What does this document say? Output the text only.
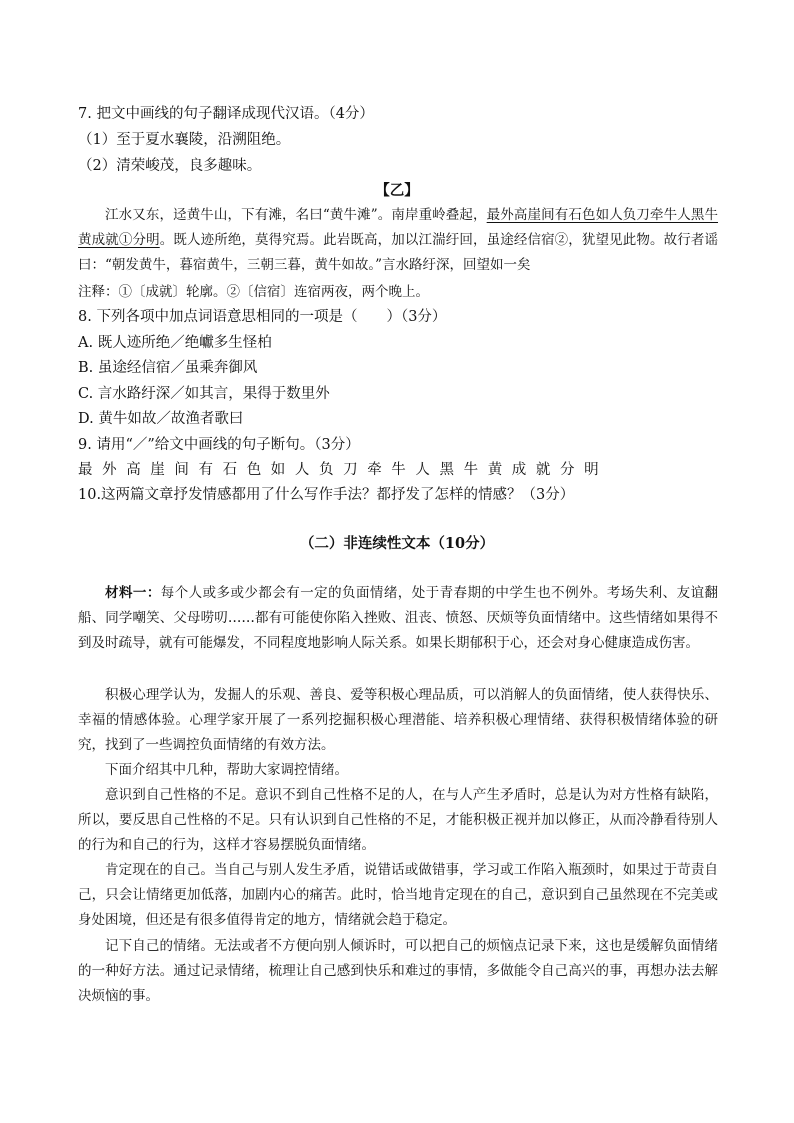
7. 把文中画线的句子翻译成现代汉语。（4分）

（1）至于夏水襄陵，沿溯阻绝。

（2）清荣峻茂，良多趣味。

【乙】

江水又东，迳黄牛山，下有滩，名曰“黄牛滩”。南岸重岭叠起，最外高崖间有石色如人负刀牵牛人黑牛黄成就①分明。既人迹所绝，莫得究焉。此岩既高，加以江湍纡回，虽途经信宿②，犹望见此物。故行者谣曰：“朝发黄牛，暮宿黄牛，三朝三暮，黄牛如故。”言水路纡深，回望如一矣

注释：①〔成就〕轮廓。②〔信宿〕连宿两夜，两个晚上。

8. 下列各项中加点词语意思相同的一项是（　　）（3分）

A. 既人迹所绝／绝巘多生怪柏

B. 虽途经信宿／虽乘奔御风

C. 言水路纡深／如其言，果得于数里外

D. 黄牛如故／故渔者歌曰

9. 请用“／”给文中画线的句子断句。（3分）

最外高崖间有石色如人负刀牵牛人黑牛黄成就分明

10.这两篇文章抒发情感都用了什么写作手法？都抒发了怎样的情感？（3分）

（二）非连续性文本（10分）

材料一：每个人或多或少都会有一定的负面情绪，处于青春期的中学生也不例外。考场失利、友谊翻船、同学嘲笑、父母唠叨……都有可能使你陷入挫败、沮丧、愤怒、厌烦等负面情绪中。这些情绪如果得不到及时疏导，就有可能爆发，不同程度地影响人际关系。如果长期郁积于心，还会对身心健康造成伤害。

积极心理学认为，发掘人的乐观、善良、爱等积极心理品质，可以消解人的负面情绪，使人获得快乐、幸福的情感体验。心理学家开展了一系列挖掘积极心理潜能、培养积极心理情绪、获得积极情绪体验的研究，找到了一些调控负面情绪的有效方法。

下面介绍其中几种，帮助大家调控情绪。

意识到自己性格的不足。意识不到自己性格不足的人，在与人产生矛盾时，总是认为对方性格有缺陷，所以，要反思自己性格的不足。只有认识到自己性格的不足，才能积极正视并加以修正，从而冷静看待别人的行为和自己的行为，这样才容易摆脱负面情绪。

肯定现在的自己。当自己与别人发生矛盾，说错话或做错事，学习或工作陷入瓶颈时，如果过于苛责自己，只会让情绪更加低落，加剧内心的痛苦。此时，恰当地肯定现在的自己，意识到自己虽然现在不完美或身处困境，但还是有很多值得肯定的地方，情绪就会趋于稳定。

记下自己的情绪。无法或者不方便向别人倾诉时，可以把自己的烦恼点记录下来，这也是缓解负面情绪的一种好方法。通过记录情绪，梳理让自己感到快乐和难过的事情，多做能令自己高兴的事，再想办法去解决烦恼的事。
